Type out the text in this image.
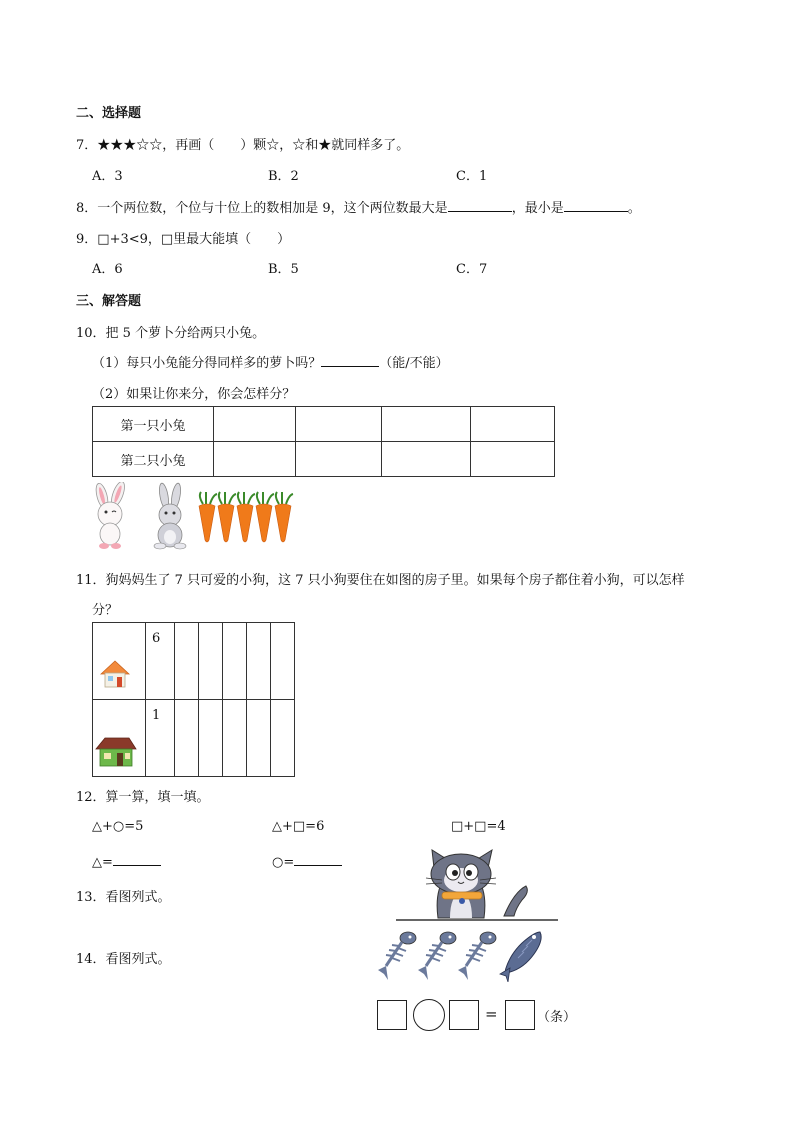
二、选择题
7．★★★☆☆，再画（　　）颗☆，☆和★就同样多了。
A．3	B．2	C．1
8．一个两位数，个位与十位上的数相加是 9，这个两位数最大是	，最小是	。
9．□+3<9，□里最大能填（　　）
A．6	B．5	C．7
三、解答题
10．把 5 个萝卜分给两只小兔。
（1）每只小兔能分得同样多的萝卜吗？	（能/不能）
（2）如果让你来分，你会怎样分？
第一只小兔				
第二只小兔				
11．狗妈妈生了 7 只可爱的小狗，这 7 只小狗要住在如图的房子里。如果每个房子都住着小狗，可以怎样
分？
	6					

	1					
12．算一算，填一填。
△+○=5	△+□=6	□+□=4
△=	○=
13．看图列式。
14．看图列式。
=	（条）
